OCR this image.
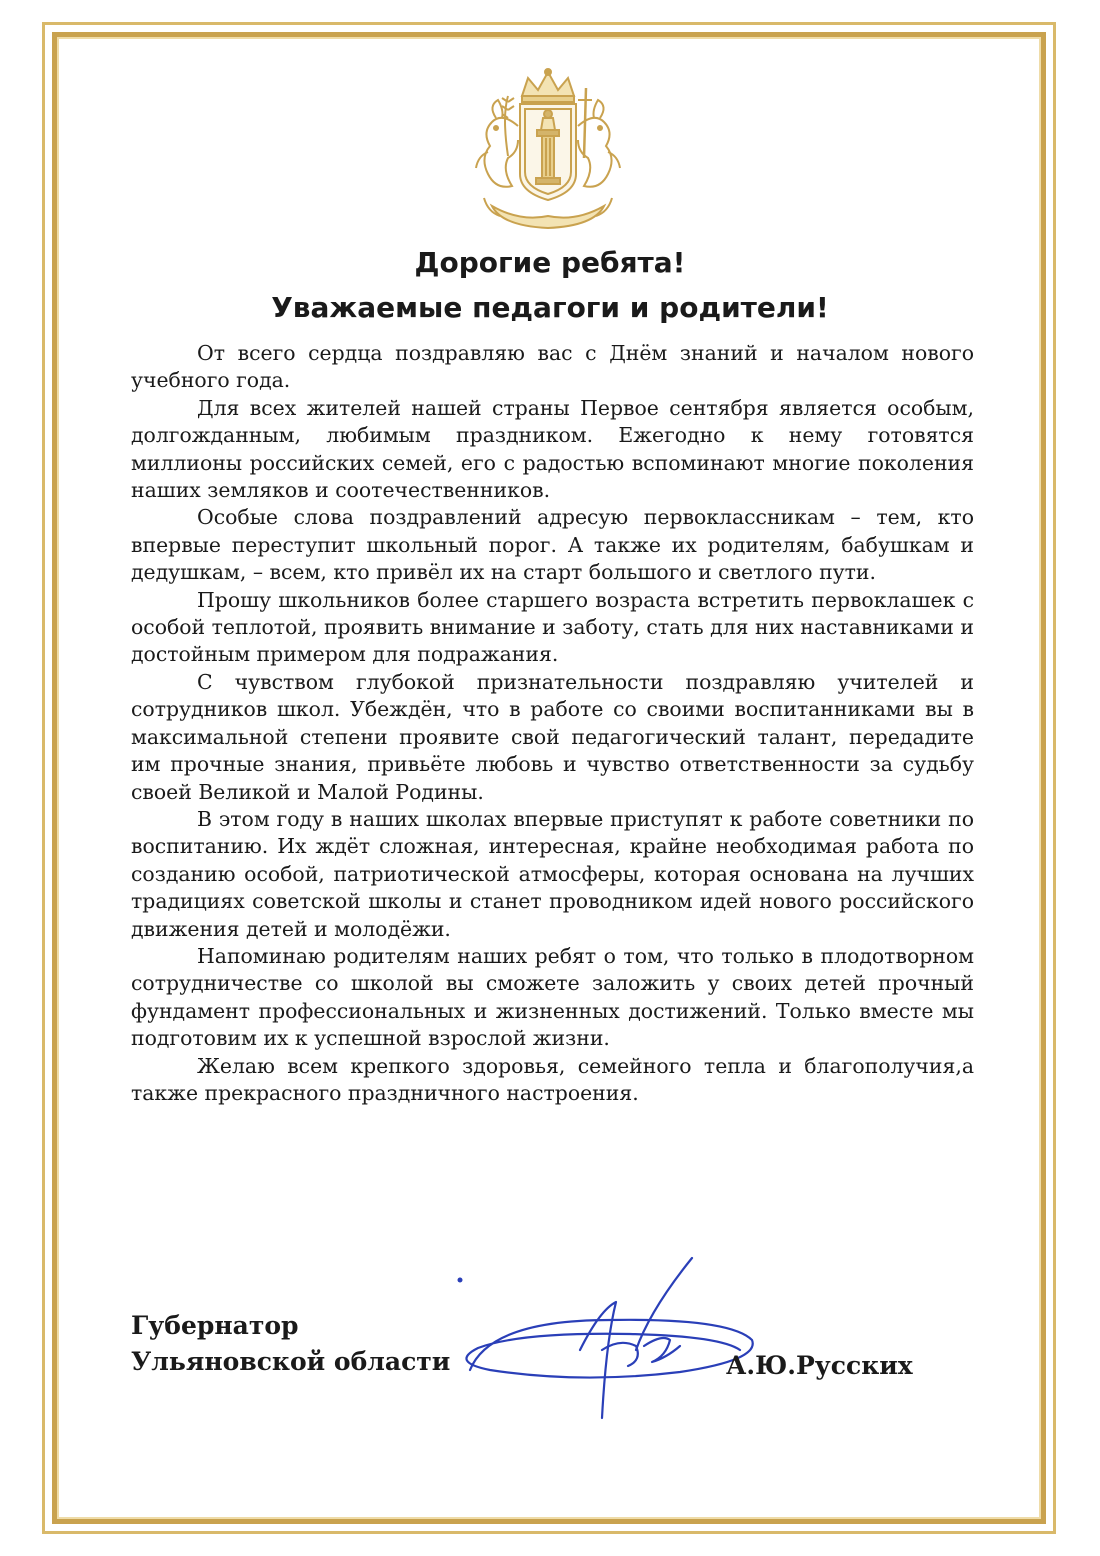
Дорогие ребята!
Уважаемые педагоги и родители!

От всего сердца поздравляю вас с Днём знаний и началом нового учебного года.

Для всех жителей нашей страны Первое сентября является особым, долгожданным, любимым праздником. Ежегодно к нему готовятся миллионы российских семей, его с радостью вспоминают многие поколения наших земляков и соотечественников.

Особые слова поздравлений адресую первоклассникам – тем, кто впервые переступит школьный порог. А также их родителям, бабушкам и дедушкам, – всем, кто привёл их на старт большого и светлого пути.

Прошу школьников более старшего возраста встретить первоклашек с особой теплотой, проявить внимание и заботу, стать для них наставниками и достойным примером для подражания.

С чувством глубокой признательности поздравляю учителей и сотрудников школ. Убеждён, что в работе со своими воспитанниками вы в максимальной степени проявите свой педагогический талант, передадите им прочные знания, привьёте любовь и чувство ответственности за судьбу своей Великой и Малой Родины.

В этом году в наших школах впервые приступят к работе советники по воспитанию. Их ждёт сложная, интересная, крайне необходимая работа по созданию особой, патриотической атмосферы, которая основана на лучших традициях советской школы и станет проводником идей нового российского движения детей и молодёжи.

Напоминаю родителям наших ребят о том, что только в плодотворном сотрудничестве со школой вы сможете заложить у своих детей прочный фундамент профессиональных и жизненных достижений. Только вместе мы подготовим их к успешной взрослой жизни.

Желаю всем крепкого здоровья, семейного тепла и благополучия,а также прекрасного праздничного настроения.

Губернатор
Ульяновской области	А.Ю.Русских
